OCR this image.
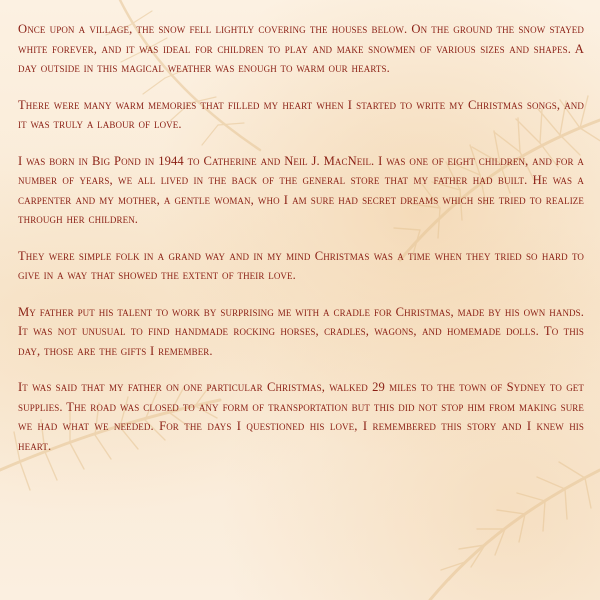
Once upon a village, the snow fell lightly covering the houses below. On the ground the snow stayed white forever, and it was ideal for children to play and make snowmen of various sizes and shapes. A day outside in this magical weather was enough to warm our hearts.

There were many warm memories that filled my heart when I started to write my Christmas songs, and it was truly a labour of love.

I was born in Big Pond in 1944 to Catherine and Neil J. MacNeil. I was one of eight children, and for a number of years, we all lived in the back of the general store that my father had built. He was a carpenter and my mother, a gentle woman, who I am sure had secret dreams which she tried to realize through her children.

They were simple folk in a grand way and in my mind Christmas was a time when they tried so hard to give in a way that showed the extent of their love.

My father put his talent to work by surprising me with a cradle for Christmas, made by his own hands. It was not unusual to find handmade rocking horses, cradles, wagons, and homemade dolls. To this day, those are the gifts I remember.

It was said that my father on one particular Christmas, walked 29 miles to the town of Sydney to get supplies. The road was closed to any form of transportation but this did not stop him from making sure we had what we needed. For the days I questioned his love, I remembered this story and I knew his heart.
